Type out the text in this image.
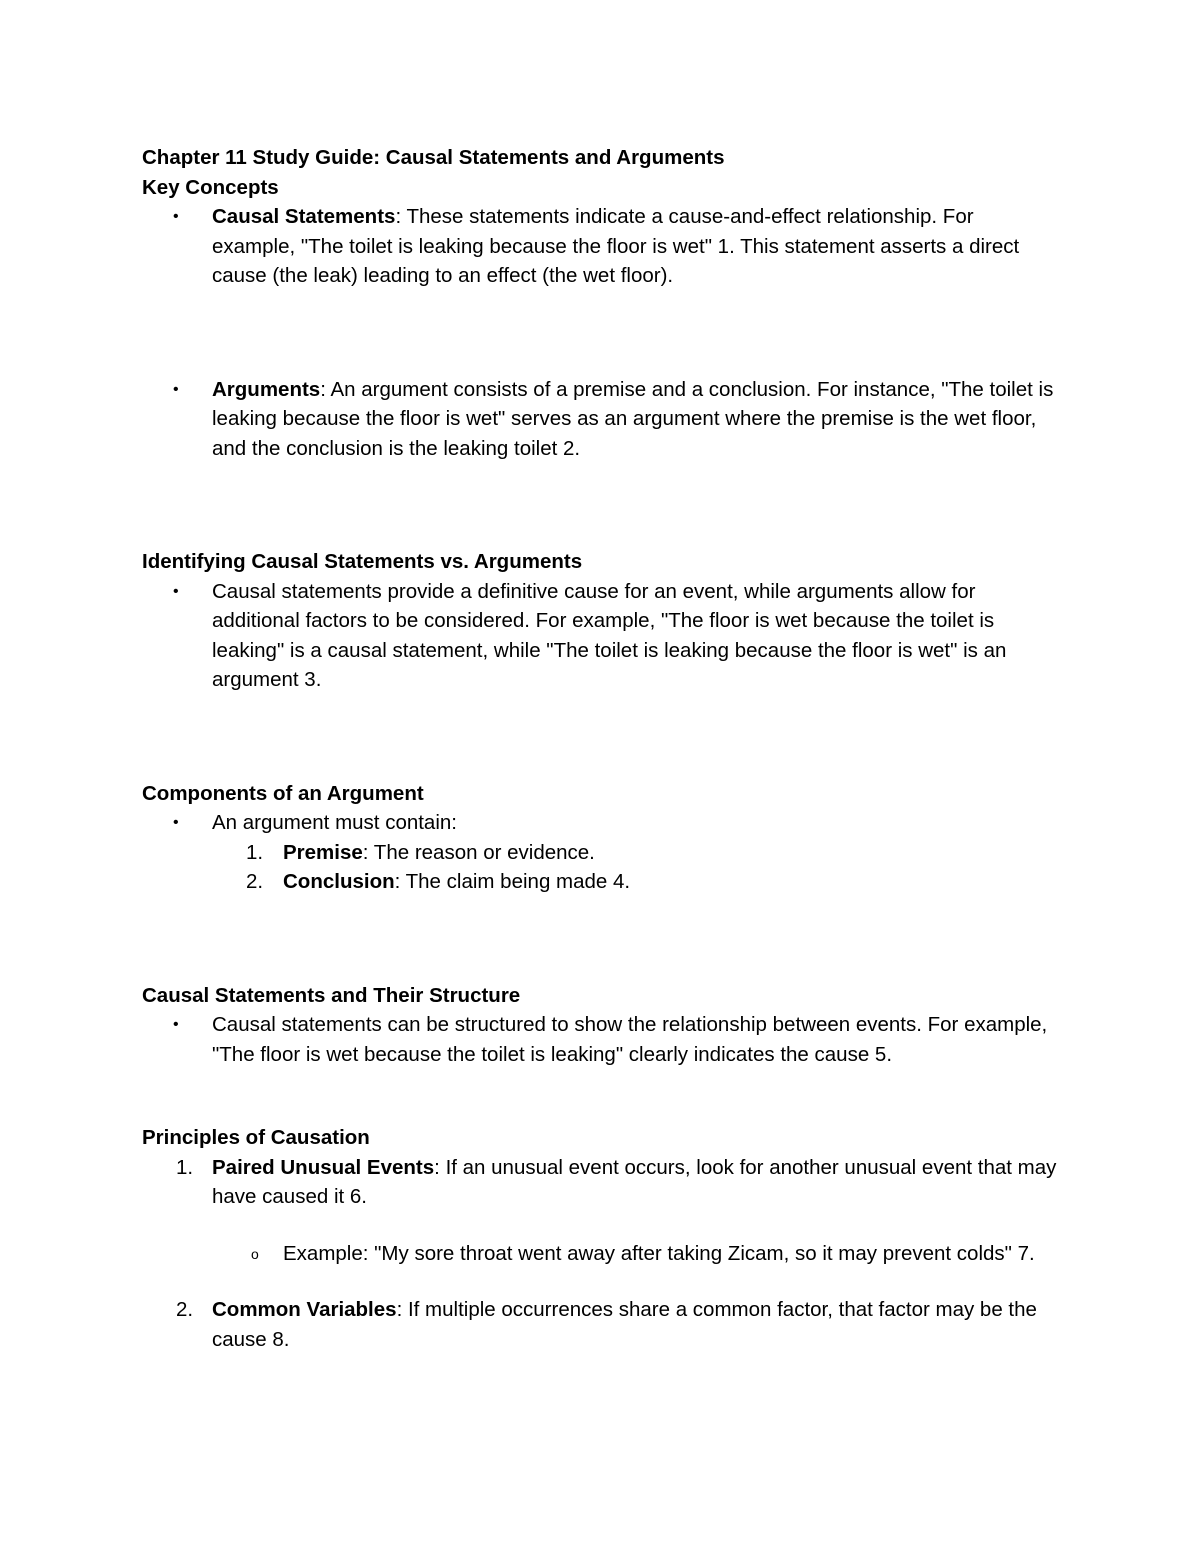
Chapter 11 Study Guide: Causal Statements and Arguments
Key Concepts
• Causal Statements: These statements indicate a cause-and-effect relationship. For example, "The toilet is leaking because the floor is wet" 1. This statement asserts a direct cause (the leak) leading to an effect (the wet floor).
• Arguments: An argument consists of a premise and a conclusion. For instance, "The toilet is leaking because the floor is wet" serves as an argument where the premise is the wet floor, and the conclusion is the leaking toilet 2.
Identifying Causal Statements vs. Arguments
• Causal statements provide a definitive cause for an event, while arguments allow for additional factors to be considered. For example, "The floor is wet because the toilet is leaking" is a causal statement, while "The toilet is leaking because the floor is wet" is an argument 3.
Components of an Argument
• An argument must contain:
1. Premise: The reason or evidence.
2. Conclusion: The claim being made 4.
Causal Statements and Their Structure
• Causal statements can be structured to show the relationship between events. For example, "The floor is wet because the toilet is leaking" clearly indicates the cause 5.
Principles of Causation
1. Paired Unusual Events: If an unusual event occurs, look for another unusual event that may have caused it 6.
o Example: "My sore throat went away after taking Zicam, so it may prevent colds" 7.
2. Common Variables: If multiple occurrences share a common factor, that factor may be the cause 8.
